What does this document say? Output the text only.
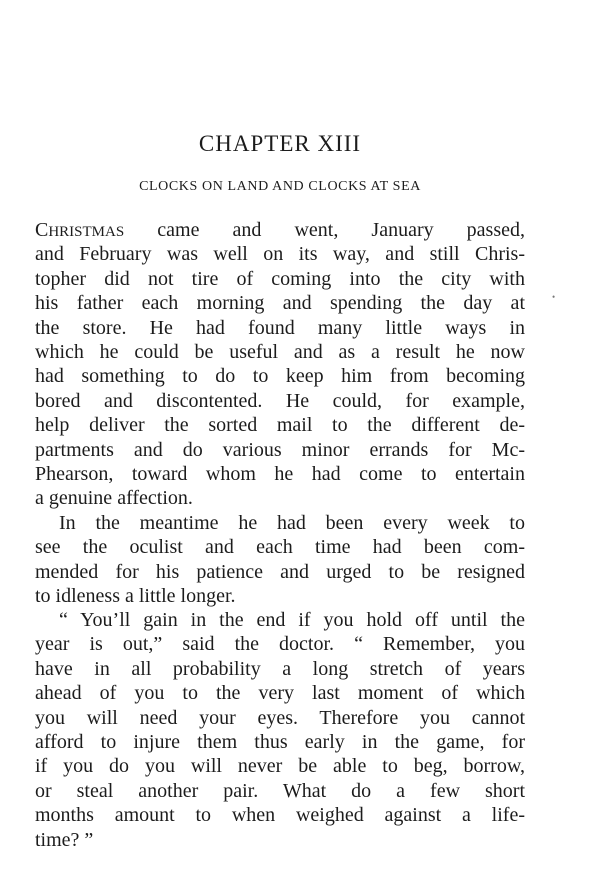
CHAPTER XIII
CLOCKS ON LAND AND CLOCKS AT SEA
CHRISTMAS came and went, January passed,
and February was well on its way, and still Chris-
topher did not tire of coming into the city with
his father each morning and spending the day at
the store. He had found many little ways in
which he could be useful and as a result he now
had something to do to keep him from becoming
bored and discontented. He could, for example,
help deliver the sorted mail to the different de-
partments and do various minor errands for Mc-
Phearson, toward whom he had come to entertain
a genuine affection.
In the meantime he had been every week to
see the oculist and each time had been com-
mended for his patience and urged to be resigned
to idleness a little longer.
“ You’ll gain in the end if you hold off until the
year is out,” said the doctor. “ Remember, you
have in all probability a long stretch of years
ahead of you to the very last moment of which
you will need your eyes. Therefore you cannot
afford to injure them thus early in the game, for
if you do you will never be able to beg, borrow,
or steal another pair. What do a few short
months amount to when weighed against a life-
time? ”
•
